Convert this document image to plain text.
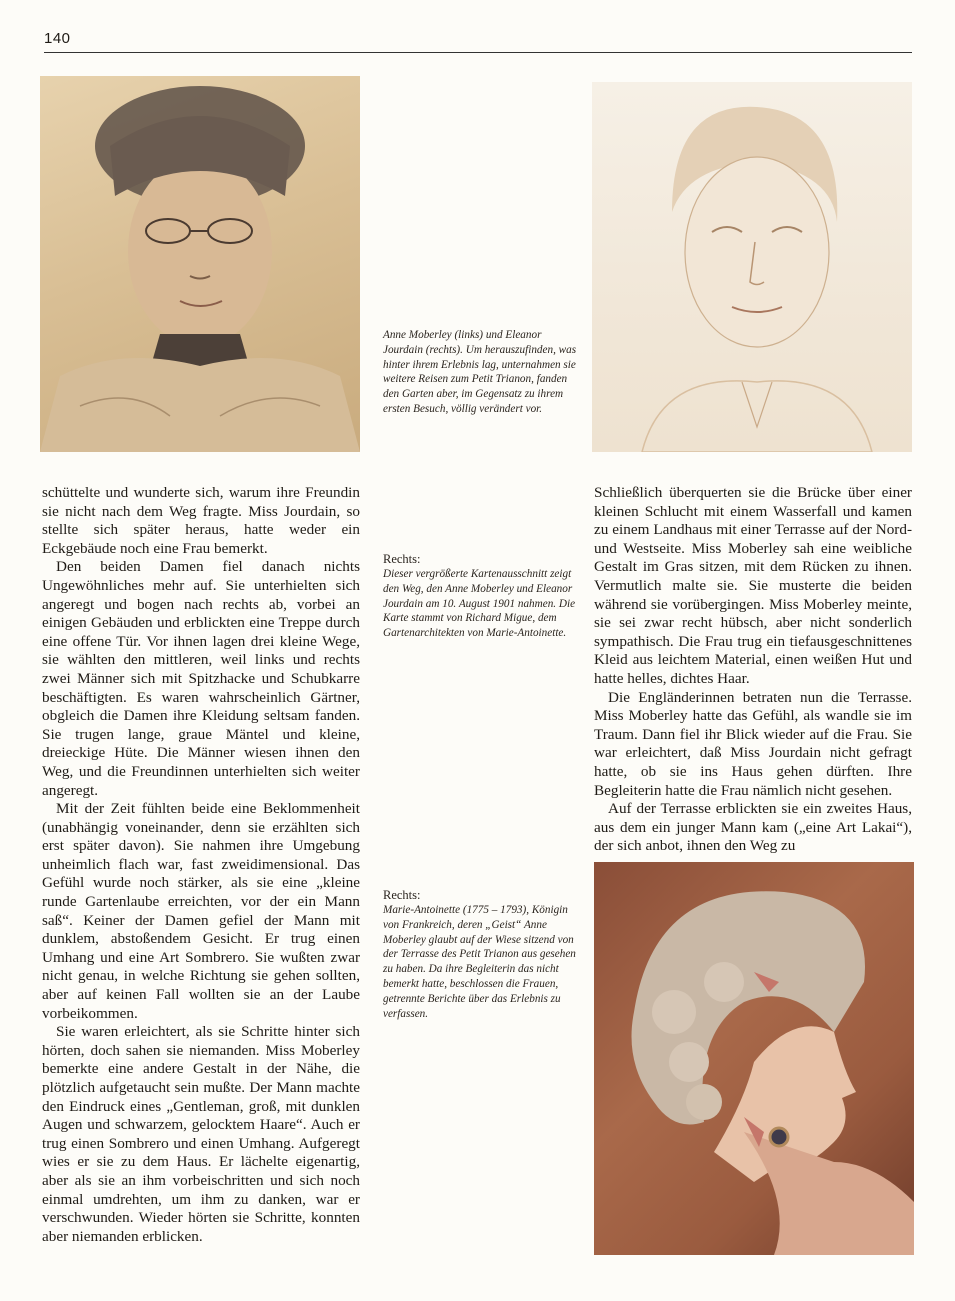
140
Anne Moberley (links) und Eleanor Jourdain (rechts). Um herauszufinden, was hinter ihrem Erlebnis lag, unternahmen sie weitere Reisen zum Petit Trianon, fanden den Garten aber, im Gegensatz zu ihrem ersten Besuch, völlig verändert vor.
Rechts:
Dieser vergrößerte Kartenausschnitt zeigt den Weg, den Anne Moberley und Eleanor Jourdain am 10. August 1901 nahmen. Die Karte stammt von Richard Migue, dem Gartenarchitekten von Marie-Antoinette.
Rechts:
Marie-Antoinette (1775 – 1793), Königin von Frankreich, deren „Geist“ Anne Moberley glaubt auf der Wiese sitzend von der Terrasse des Petit Trianon aus gesehen zu haben. Da ihre Begleiterin das nicht bemerkt hatte, beschlossen die Frauen, getrennte Berichte über das Erlebnis zu verfassen.

schüttelte und wunderte sich, warum ihre Freundin sie nicht nach dem Weg fragte. Miss Jourdain, so stellte sich später heraus, hatte weder ein Eckgebäude noch eine Frau bemerkt.

Den beiden Damen fiel danach nichts Ungewöhnliches mehr auf. Sie unterhielten sich angeregt und bogen nach rechts ab, vorbei an einigen Gebäuden und erblickten eine Treppe durch eine offene Tür. Vor ihnen lagen drei kleine Wege, sie wählten den mittleren, weil links und rechts zwei Männer sich mit Spitzhacke und Schubkarre beschäftigten. Es waren wahrscheinlich Gärtner, obgleich die Damen ihre Kleidung seltsam fanden. Sie trugen lange, graue Mäntel und kleine, dreieckige Hüte. Die Männer wiesen ihnen den Weg, und die Freundinnen unterhielten sich weiter angeregt.

Mit der Zeit fühlten beide eine Beklommenheit (unabhängig voneinander, denn sie erzählten sich erst später davon). Sie nahmen ihre Umgebung unheimlich flach war, fast zweidimensional. Das Gefühl wurde noch stärker, als sie eine „kleine runde Gartenlaube erreichten, vor der ein Mann saß“. Keiner der Damen gefiel der Mann mit dunklem, abstoßendem Gesicht. Er trug einen Umhang und eine Art Sombrero. Sie wußten zwar nicht genau, in welche Richtung sie gehen sollten, aber auf keinen Fall wollten sie an der Laube vorbeikommen.

Sie waren erleichtert, als sie Schritte hinter sich hörten, doch sahen sie niemanden. Miss Moberley bemerkte eine andere Gestalt in der Nähe, die plötzlich aufgetaucht sein mußte. Der Mann machte den Eindruck eines „Gentleman, groß, mit dunklen Augen und schwarzem, gelocktem Haare“. Auch er trug einen Sombrero und einen Umhang. Aufgeregt wies er sie zu dem Haus. Er lächelte eigenartig, aber als sie an ihm vorbeischritten und sich noch einmal umdrehten, um ihm zu danken, war er verschwunden. Wieder hörten sie Schritte, konnten aber niemanden erblicken.

Schließlich überquerten sie die Brücke über einer kleinen Schlucht mit einem Wasserfall und kamen zu einem Landhaus mit einer Terrasse auf der Nord- und Westseite. Miss Moberley sah eine weibliche Gestalt im Gras sitzen, mit dem Rücken zu ihnen. Vermutlich malte sie. Sie musterte die beiden während sie vorübergingen. Miss Moberley meinte, sie sei zwar recht hübsch, aber nicht sonderlich sympathisch. Die Frau trug ein tiefausgeschnittenes Kleid aus leichtem Material, einen weißen Hut und hatte helles, dichtes Haar.

Die Engländerinnen betraten nun die Terrasse. Miss Moberley hatte das Gefühl, als wandle sie im Traum. Dann fiel ihr Blick wieder auf die Frau. Sie war erleichtert, daß Miss Jourdain nicht gefragt hatte, ob sie ins Haus gehen dürften. Ihre Begleiterin hatte die Frau nämlich nicht gesehen.

Auf der Terrasse erblickten sie ein zweites Haus, aus dem ein junger Mann kam („eine Art Lakai“), der sich anbot, ihnen den Weg zu
